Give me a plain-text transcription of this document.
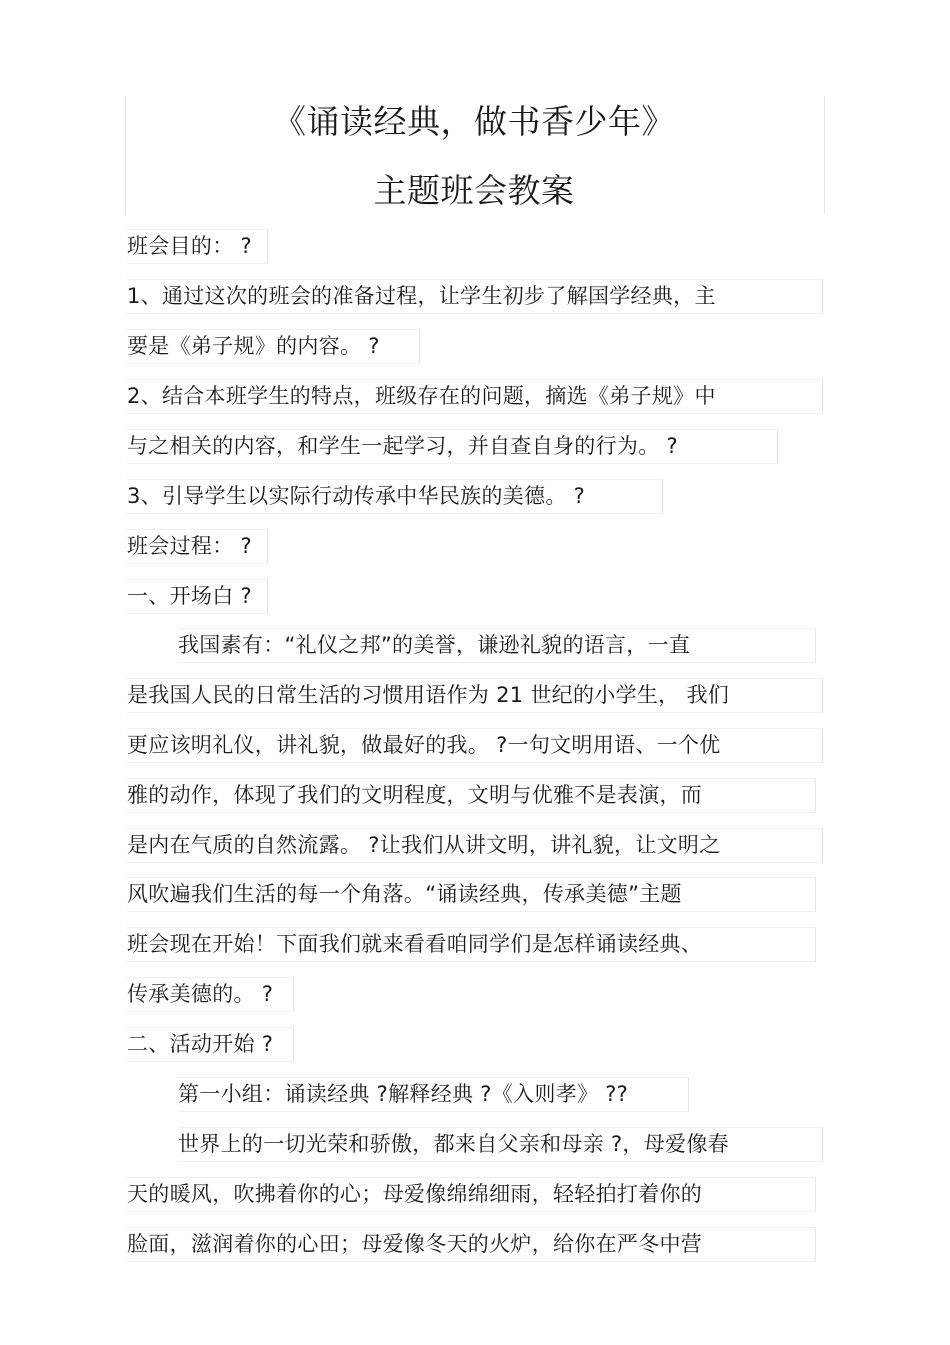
《诵读经典，做书香少年》
主题班会教案
班会目的： ?
1、通过这次的班会的准备过程，让学生初步了解国学经典，主
要是《弟子规》的内容。 ?
2、结合本班学生的特点，班级存在的问题，摘选《弟子规》中
与之相关的内容，和学生一起学习，并自查自身的行为。 ?
3、引导学生以实际行动传承中华民族的美德。 ?
班会过程： ?
一、开场白 ?
我国素有：“礼仪之邦”的美誉，谦逊礼貌的语言，一直
是我国人民的日常生活的习惯用语作为 21 世纪的小学生， 我们
更应该明礼仪，讲礼貌，做最好的我。 ?一句文明用语、一个优
雅的动作，体现了我们的文明程度，文明与优雅不是表演，而
是内在气质的自然流露。 ?让我们从讲文明，讲礼貌，让文明之
风吹遍我们生活的每一个角落。“诵读经典，传承美德”主题
班会现在开始！下面我们就来看看咱同学们是怎样诵读经典、
传承美德的。 ?
二、活动开始 ?
第一小组：诵读经典 ?解释经典 ?《入则孝》 ??
世界上的一切光荣和骄傲，都来自父亲和母亲 ?，母爱像春
天的暖风，吹拂着你的心；母爱像绵绵细雨，轻轻拍打着你的
脸面，滋润着你的心田；母爱像冬天的火炉，给你在严冬中营
